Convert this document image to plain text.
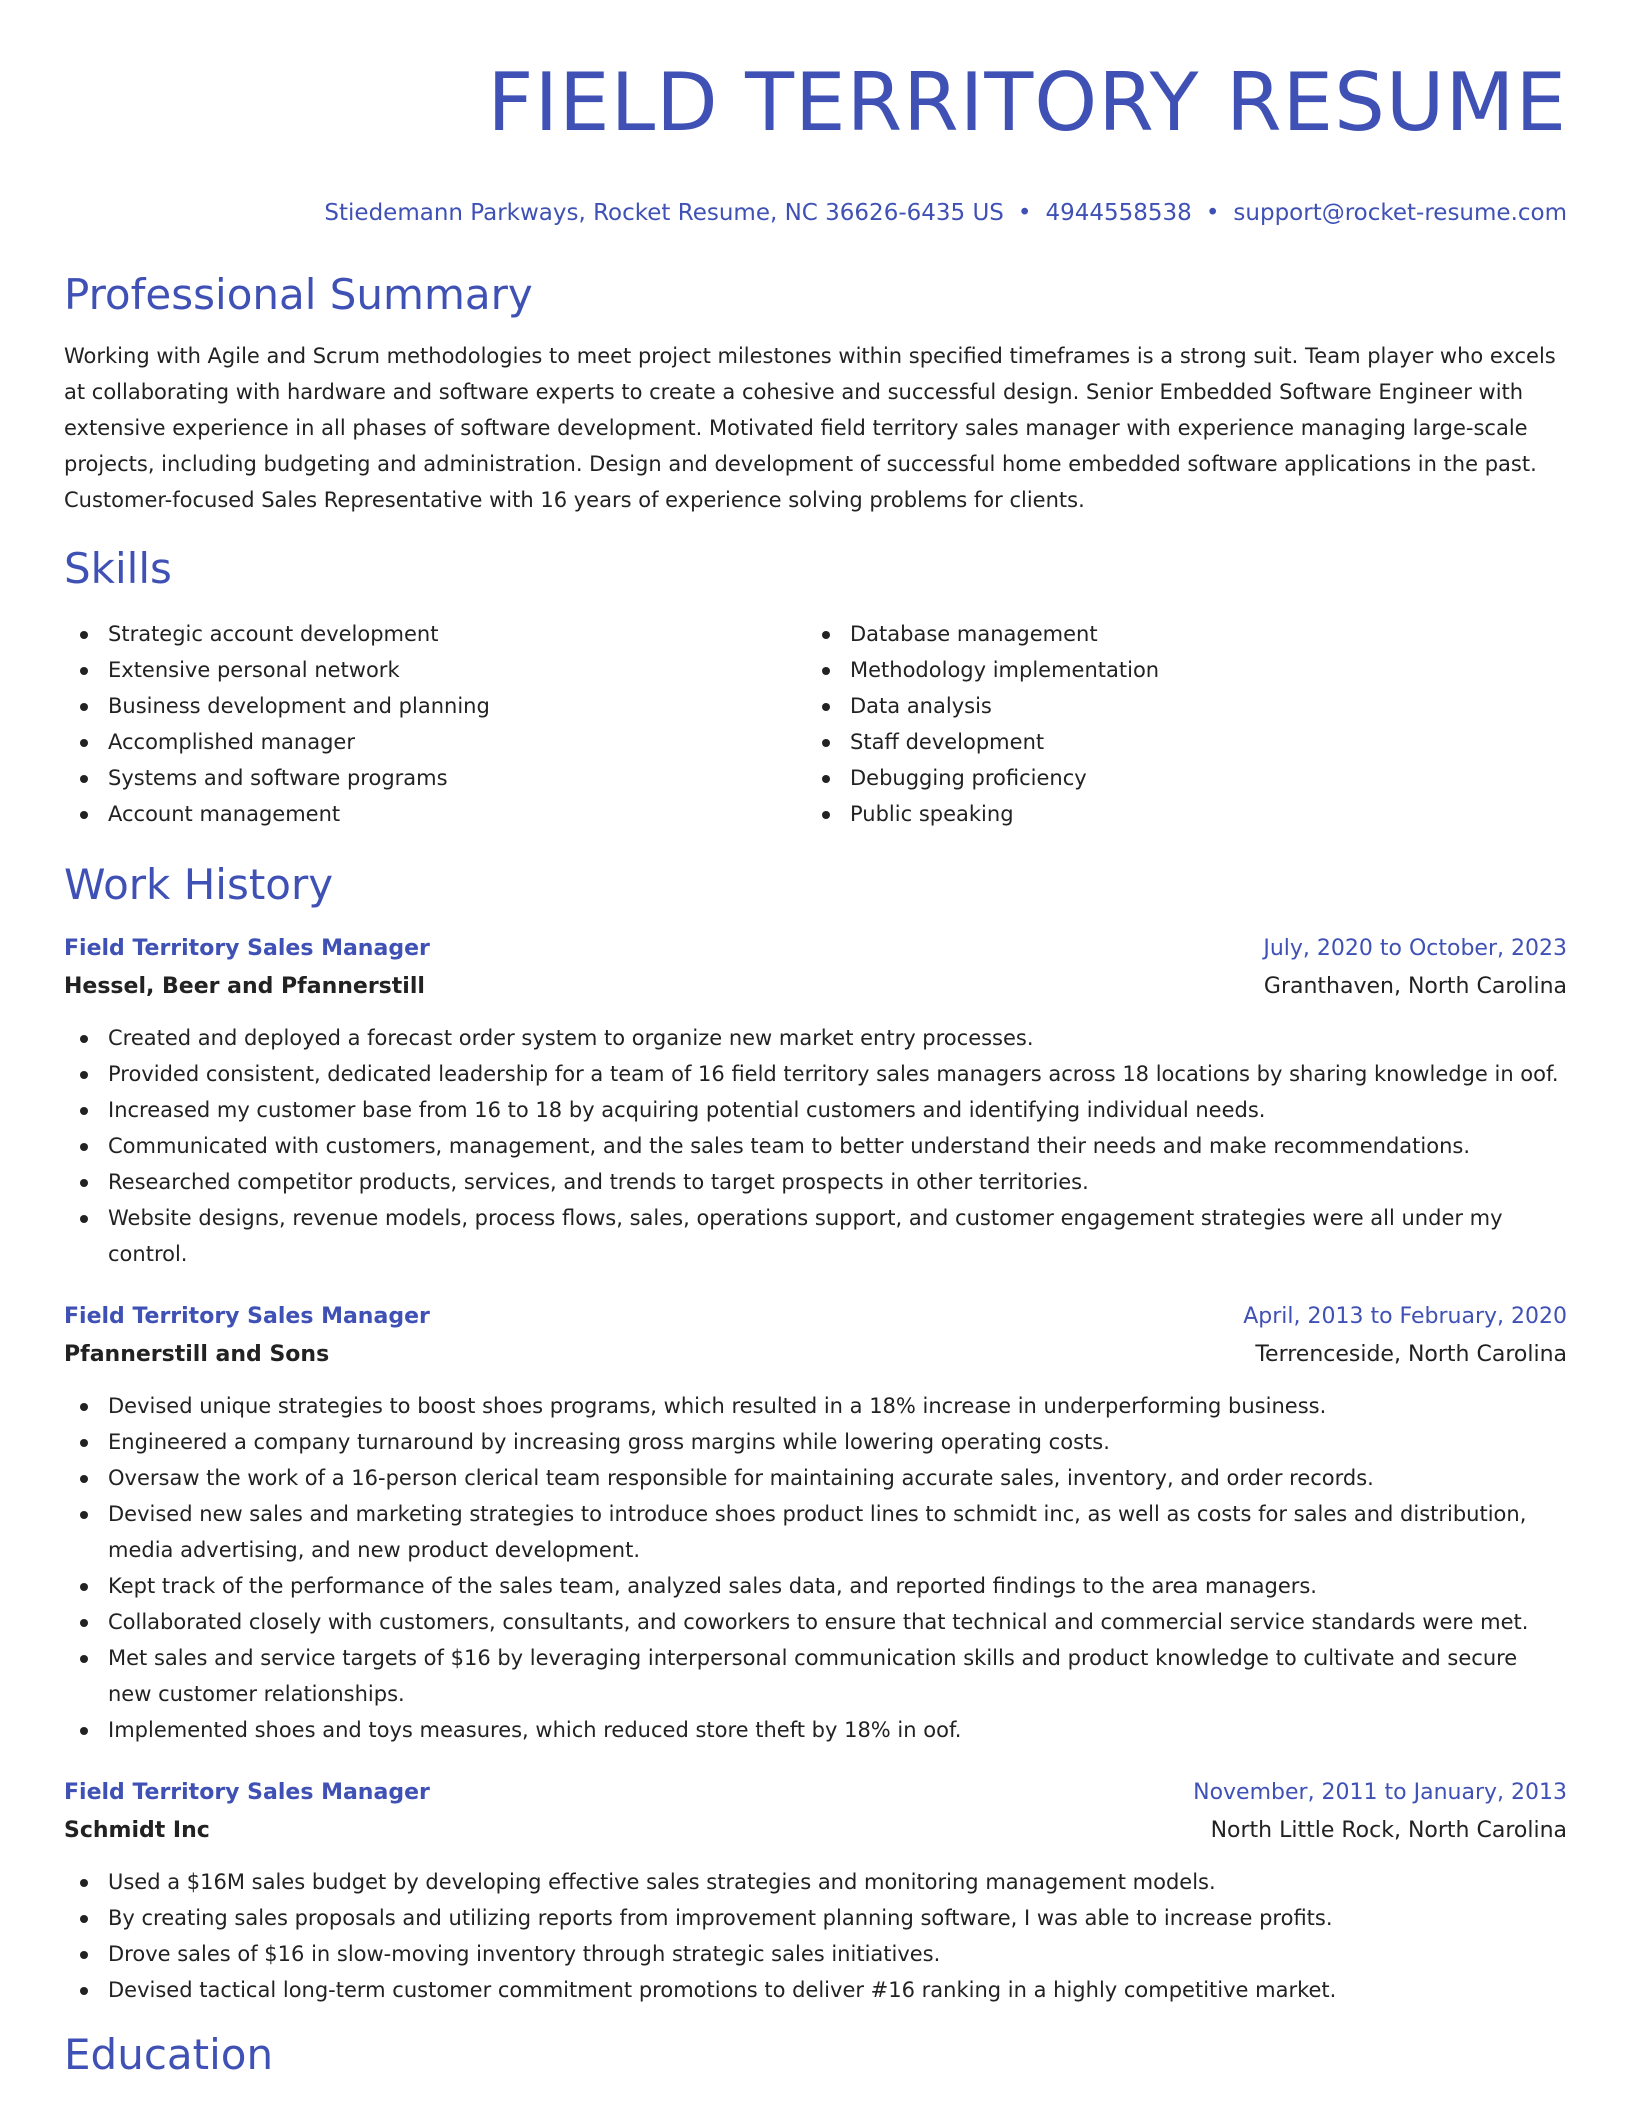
FIELD TERRITORY RESUME
Stiedemann Parkways, Rocket Resume, NC 36626-6435 US • 4944558538 • support@rocket-resume.com
Professional Summary
Working with Agile and Scrum methodologies to meet project milestones within specified timeframes is a strong suit. Team player who excels at collaborating with hardware and software experts to create a cohesive and successful design. Senior Embedded Software Engineer with extensive experience in all phases of software development. Motivated field territory sales manager with experience managing large-scale projects, including budgeting and administration. Design and development of successful home embedded software applications in the past. Customer-focused Sales Representative with 16 years of experience solving problems for clients.
Skills
Strategic account development
Extensive personal network
Business development and planning
Accomplished manager
Systems and software programs
Account management
Database management
Methodology implementation
Data analysis
Staff development
Debugging proficiency
Public speaking
Work History
Field Territory Sales Manager	July, 2020 to October, 2023
Hessel, Beer and Pfannerstill	Granthaven, North Carolina
Created and deployed a forecast order system to organize new market entry processes.
Provided consistent, dedicated leadership for a team of 16 field territory sales managers across 18 locations by sharing knowledge in oof.
Increased my customer base from 16 to 18 by acquiring potential customers and identifying individual needs.
Communicated with customers, management, and the sales team to better understand their needs and make recommendations.
Researched competitor products, services, and trends to target prospects in other territories.
Website designs, revenue models, process flows, sales, operations support, and customer engagement strategies were all under my control.
Field Territory Sales Manager	April, 2013 to February, 2020
Pfannerstill and Sons	Terrenceside, North Carolina
Devised unique strategies to boost shoes programs, which resulted in a 18% increase in underperforming business.
Engineered a company turnaround by increasing gross margins while lowering operating costs.
Oversaw the work of a 16-person clerical team responsible for maintaining accurate sales, inventory, and order records.
Devised new sales and marketing strategies to introduce shoes product lines to schmidt inc, as well as costs for sales and distribution, media advertising, and new product development.
Kept track of the performance of the sales team, analyzed sales data, and reported findings to the area managers.
Collaborated closely with customers, consultants, and coworkers to ensure that technical and commercial service standards were met.
Met sales and service targets of $16 by leveraging interpersonal communication skills and product knowledge to cultivate and secure new customer relationships.
Implemented shoes and toys measures, which reduced store theft by 18% in oof.
Field Territory Sales Manager	November, 2011 to January, 2013
Schmidt Inc	North Little Rock, North Carolina
Used a $16M sales budget by developing effective sales strategies and monitoring management models.
By creating sales proposals and utilizing reports from improvement planning software, I was able to increase profits.
Drove sales of $16 in slow-moving inventory through strategic sales initiatives.
Devised tactical long-term customer commitment promotions to deliver #16 ranking in a highly competitive market.
Education
